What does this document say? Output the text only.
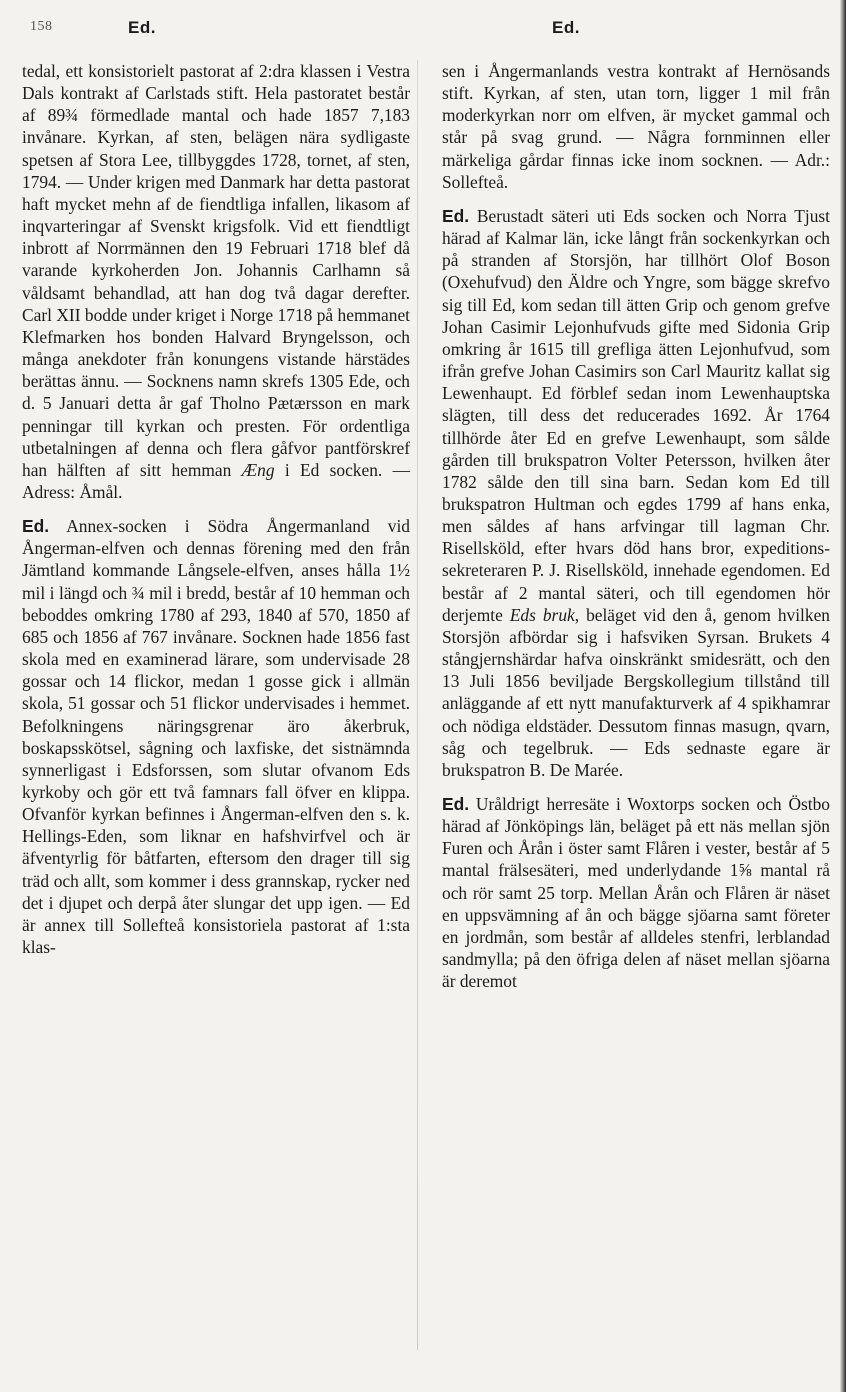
158	Ed.	Ed.

tedal, ett konsistorielt pastorat af 2:dra klassen i Vestra Dals kontrakt af Carlstads stift. Hela pastoratet består af 89¾ förmedlade mantal och hade 1857 7,183 invånare. Kyrkan, af sten, belägen nära sydligaste spetsen af Stora Lee, tillbyggdes 1728, tornet, af sten, 1794. — Under krigen med Danmark har detta pastorat haft mycket mehn af de fiendtliga infallen, likasom af inqvarteringar af Svenskt krigsfolk. Vid ett fiendtligt inbrott af Norrmännen den 19 Februari 1718 blef då varande kyrkoherden Jon. Johannis Carlhamn så våldsamt behandlad, att han dog två dagar derefter. Carl XII bodde under kriget i Norge 1718 på hemmanet Klefmarken hos bonden Halvard Bryngelsson, och många anekdoter från konungens vistande härstädes berättas ännu. — Socknens namn skrefs 1305 Ede, och d. 5 Januari detta år gaf Tholno Pætærsson en mark penningar till kyrkan och presten. För ordentliga utbetalningen af denna och flera gåfvor pantförskref han hälften af sitt hemman Æng i Ed socken. — Adress: Åmål.

Ed. Annex-socken i Södra Ångermanland vid Ångerman-elfven och dennas förening med den från Jämtland kommande Långsele-elfven, anses hålla 1½ mil i längd och ¾ mil i bredd, består af 10 hemman och beboddes omkring 1780 af 293, 1840 af 570, 1850 af 685 och 1856 af 767 invånare. Socknen hade 1856 fast skola med en examinerad lärare, som undervisade 28 gossar och 14 flickor, medan 1 gosse gick i allmän skola, 51 gossar och 51 flickor undervisades i hemmet. Befolkningens näringsgrenar äro åkerbruk, boskapsskötsel, sågning och laxfiske, det sistnämnda synnerligast i Edsforssen, som slutar ofvanom Eds kyrkoby och gör ett två famnars fall öfver en klippa. Ofvanför kyrkan befinnes i Ångerman-elfven den s. k. Hellings-Eden, som liknar en hafshvirfvel och är äfventyrlig för båtfarten, eftersom den drager till sig träd och allt, som kommer i dess grannskap, rycker ned det i djupet och derpå åter slungar det upp igen. — Ed är annex till Sollefteå konsistoriela pastorat af 1:sta klas-

sen i Ångermanlands vestra kontrakt af Hernösands stift. Kyrkan, af sten, utan torn, ligger 1 mil från moderkyrkan norr om elfven, är mycket gammal och står på svag grund. — Några fornminnen eller märkeliga gårdar finnas icke inom socknen. — Adr.: Sollefteå.

Ed. Berustadt säteri uti Eds socken och Norra Tjust härad af Kalmar län, icke långt från sockenkyrkan och på stranden af Storsjön, har tillhört Olof Boson (Oxehufvud) den Äldre och Yngre, som bägge skrefvo sig till Ed, kom sedan till ätten Grip och genom grefve Johan Casimir Lejonhufvuds gifte med Sidonia Grip omkring år 1615 till grefliga ätten Lejonhufvud, som ifrån grefve Johan Casimirs son Carl Mauritz kallat sig Lewenhaupt. Ed förblef sedan inom Lewenhauptska slägten, till dess det reducerades 1692. År 1764 tillhörde åter Ed en grefve Lewenhaupt, som sålde gården till brukspatron Volter Petersson, hvilken åter 1782 sålde den till sina barn. Sedan kom Ed till brukspatron Hultman och egdes 1799 af hans enka, men såldes af hans arfvingar till lagman Chr. Risellsköld, efter hvars död hans bror, expeditions-sekreteraren P. J. Risellsköld, innehade egendomen. Ed består af 2 mantal säteri, och till egendomen hör derjemte Eds bruk, beläget vid den å, genom hvilken Storsjön afbördar sig i hafsviken Syrsan. Brukets 4 stångjernshärdar hafva oinskränkt smidesrätt, och den 13 Juli 1856 beviljade Bergskollegium tillstånd till anläggande af ett nytt manufakturverk af 4 spikhamrar och nödiga eldstäder. Dessutom finnas masugn, qvarn, såg och tegelbruk. — Eds sednaste egare är brukspatron B. De Marée.

Ed. Uråldrigt herresäte i Woxtorps socken och Östbo härad af Jönköpings län, beläget på ett näs mellan sjön Furen och Årån i öster samt Flåren i vester, består af 5 mantal frälsesäteri, med underlydande 1⅝ mantal rå och rör samt 25 torp. Mellan Årån och Flåren är näset en uppsvämning af ån och bägge sjöarna samt företer en jordmån, som består af alldeles stenfri, lerblandad sandmylla; på den öfriga delen af näset mellan sjöarna är deremot
